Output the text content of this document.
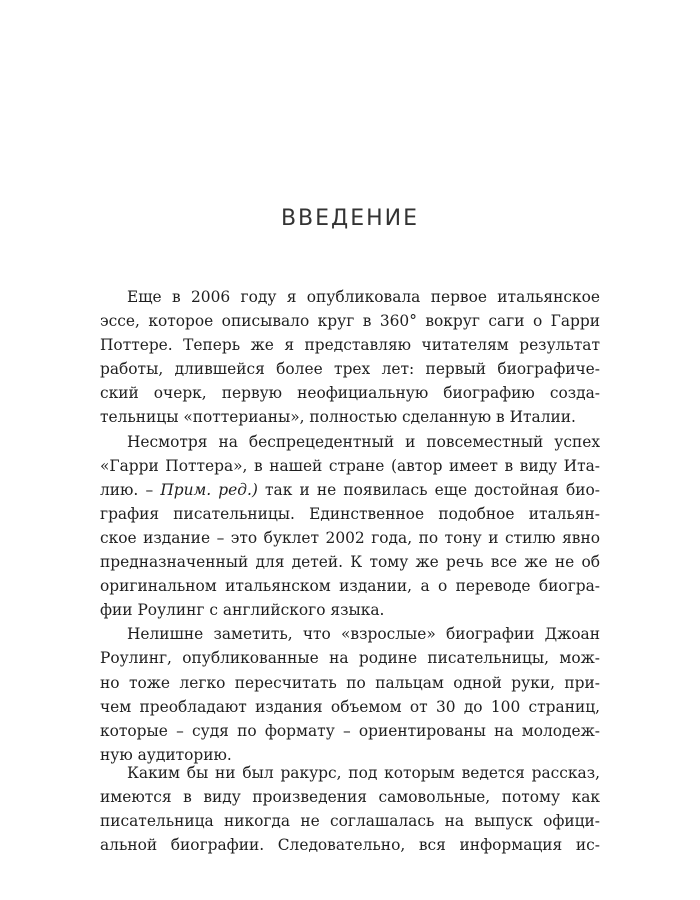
ВВЕДЕНИЕ
Еще в 2006 году я опубликовала первое итальянское
эссе, которое описывало круг в 360° вокруг саги о Гарри
Поттере. Теперь же я представляю читателям результат
работы, длившейся более трех лет: первый биографиче-
ский очерк, первую неофициальную биографию созда-
тельницы «поттерианы», полностью сделанную в Италии.
Несмотря на беспрецедентный и повсеместный успех
«Гарри Поттера», в нашей стране (автор имеет в виду Итa-
лию. – Прим. ред.) так и не появилась еще достойная био-
графия писательницы. Единственное подобное итальян-
ское издание – это буклет 2002 года, по тону и стилю явно
предназначенный для детей. К тому же речь все же не об
оригинальном итальянском издании, а о переводе биогра-
фии Роулинг с английского языка.
Нелишне заметить, что «взрослые» биографии Джоан
Роулинг, опубликованные на родине писательницы, мож-
но тоже легко пересчитать по пальцам одной руки, при-
чем преобладают издания объемом от 30 до 100 страниц,
которые – судя по формату – ориентированы на молодеж-
ную аудиторию.
Каким бы ни был ракурс, под которым ведется рассказ,
имеются в виду произведения самовольные, потому как
писательница никогда не соглашалась на выпуск офици-
альной биографии. Следовательно, вся информация ис-
